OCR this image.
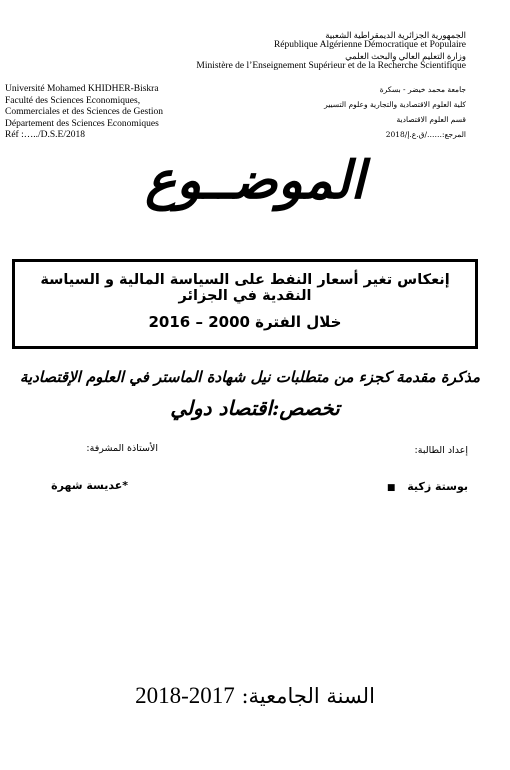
الجمهورية الجزائرية الديمقراطية الشعبية
République Algérienne Démocratique et Populaire
وزارة التعليم العالي والبحث العلمي
Ministère de l’Enseignement Supérieur et de la Recherche Scientifique
Université Mohamed KHIDHER-Biskra
Faculté des Sciences Economiques,
Commerciales et des Sciences de Gestion
Département des Sciences Economiques
Réf :…../D.S.E/2018
جامعة محمد خيضر - بسكرة
كلية العلوم الاقتصادية والتجارية وعلوم التسيير
قسم العلوم الاقتصادية
المرجع:……/ق.ع.إ/2018
الموضــوع
إنعكاس تغير أسعار النفط على السياسة المالية و السياسة النقدية في الجزائر
خلال الفترة 2000 – 2016
مذكرة مقدمة كجزء من متطلبات نيل شهادة الماستر في العلوم الإقتصادية
تخصص:اقتصاد دولي
إعداد الطالبة:
الأستاذة المشرفة:
بوستة زكية ■
*عديسة شهرة
السنة الجامعية: 2018-2017
